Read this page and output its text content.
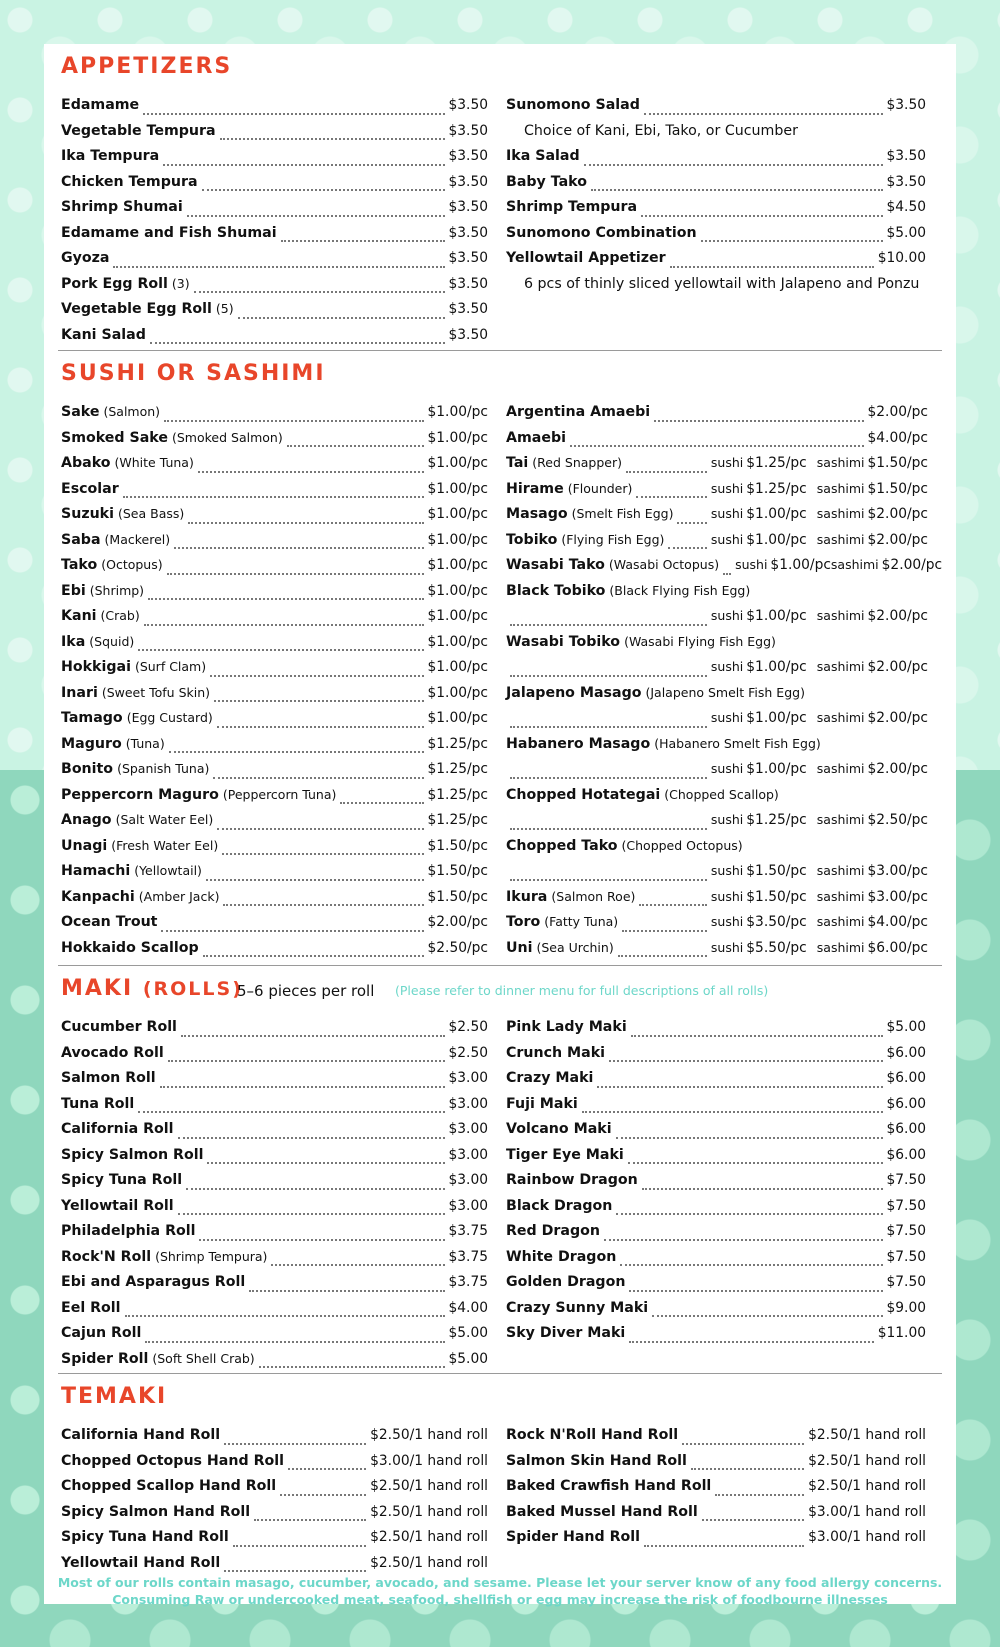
APPETIZERS
Edamame	$3.50
Vegetable Tempura	$3.50
Ika Tempura	$3.50
Chicken Tempura	$3.50
Shrimp Shumai	$3.50
Edamame and Fish Shumai	$3.50
Gyoza	$3.50
Pork Egg Roll (3)	$3.50
Vegetable Egg Roll (5)	$3.50
Kani Salad	$3.50
Sunomono Salad	$3.50
Choice of Kani, Ebi, Tako, or Cucumber
Ika Salad	$3.50
Baby Tako	$3.50
Shrimp Tempura	$4.50
Sunomono Combination	$5.00
Yellowtail Appetizer	$10.00
6 pcs of thinly sliced yellowtail with Jalapeno and Ponzu
SUSHI OR SASHIMI
Sake (Salmon)	$1.00/pc
Smoked Sake (Smoked Salmon)	$1.00/pc
Abako (White Tuna)	$1.00/pc
Escolar	$1.00/pc
Suzuki (Sea Bass)	$1.00/pc
Saba (Mackerel)	$1.00/pc
Tako (Octopus)	$1.00/pc
Ebi (Shrimp)	$1.00/pc
Kani (Crab)	$1.00/pc
Ika (Squid)	$1.00/pc
Hokkigai (Surf Clam)	$1.00/pc
Inari (Sweet Tofu Skin)	$1.00/pc
Tamago (Egg Custard)	$1.00/pc
Maguro (Tuna)	$1.25/pc
Bonito (Spanish Tuna)	$1.25/pc
Peppercorn Maguro (Peppercorn Tuna)	$1.25/pc
Anago (Salt Water Eel)	$1.25/pc
Unagi (Fresh Water Eel)	$1.50/pc
Hamachi (Yellowtail)	$1.50/pc
Kanpachi (Amber Jack)	$1.50/pc
Ocean Trout	$2.00/pc
Hokkaido Scallop	$2.50/pc
Argentina Amaebi	$2.00/pc
Amaebi	$4.00/pc
Tai (Red Snapper)	sushi $1.25/pc sashimi $1.50/pc
Hirame (Flounder)	sushi $1.25/pc sashimi $1.50/pc
Masago (Smelt Fish Egg)	sushi $1.00/pc sashimi $2.00/pc
Tobiko (Flying Fish Egg)	sushi $1.00/pc sashimi $2.00/pc
Wasabi Tako (Wasabi Octopus) sushi $1.00/pc sashimi $2.00/pc
Black Tobiko (Black Flying Fish Egg)
sushi $1.00/pc sashimi $2.00/pc
Wasabi Tobiko (Wasabi Flying Fish Egg)
sushi $1.00/pc sashimi $2.00/pc
Jalapeno Masago (Jalapeno Smelt Fish Egg)
sushi $1.00/pc sashimi $2.00/pc
Habanero Masago (Habanero Smelt Fish Egg)
sushi $1.00/pc sashimi $2.00/pc
Chopped Hotategai (Chopped Scallop)
sushi $1.25/pc sashimi $2.50/pc
Chopped Tako (Chopped Octopus)
sushi $1.50/pc sashimi $3.00/pc
Ikura (Salmon Roe)	sushi $1.50/pc sashimi $3.00/pc
Toro (Fatty Tuna)	sushi $3.50/pc sashimi $4.00/pc
Uni (Sea Urchin)	sushi $5.50/pc sashimi $6.00/pc
MAKI (ROLLS)
5–6 pieces per roll (Please refer to dinner menu for full descriptions of all rolls)
Cucumber Roll	$2.50
Avocado Roll	$2.50
Salmon Roll	$3.00
Tuna Roll	$3.00
California Roll	$3.00
Spicy Salmon Roll	$3.00
Spicy Tuna Roll	$3.00
Yellowtail Roll	$3.00
Philadelphia Roll	$3.75
Rock'N Roll (Shrimp Tempura)	$3.75
Ebi and Asparagus Roll	$3.75
Eel Roll	$4.00
Cajun Roll	$5.00
Spider Roll (Soft Shell Crab)	$5.00
Pink Lady Maki	$5.00
Crunch Maki	$6.00
Crazy Maki	$6.00
Fuji Maki	$6.00
Volcano Maki	$6.00
Tiger Eye Maki	$6.00
Rainbow Dragon	$7.50
Black Dragon	$7.50
Red Dragon	$7.50
White Dragon	$7.50
Golden Dragon	$7.50
Crazy Sunny Maki	$9.00
Sky Diver Maki	$11.00
TEMAKI
California Hand Roll	$2.50/1 hand roll
Chopped Octopus Hand Roll	$3.00/1 hand roll
Chopped Scallop Hand Roll	$2.50/1 hand roll
Spicy Salmon Hand Roll	$2.50/1 hand roll
Spicy Tuna Hand Roll	$2.50/1 hand roll
Yellowtail Hand Roll	$2.50/1 hand roll
Rock N'Roll Hand Roll	$2.50/1 hand roll
Salmon Skin Hand Roll	$2.50/1 hand roll
Baked Crawfish Hand Roll	$2.50/1 hand roll
Baked Mussel Hand Roll	$3.00/1 hand roll
Spider Hand Roll	$3.00/1 hand roll
Most of our rolls contain masago, cucumber, avocado, and sesame. Please let your server know of any food allergy concerns.
Consuming Raw or undercooked meat, seafood, shellfish or egg may increase the risk of foodbourne illnesses
